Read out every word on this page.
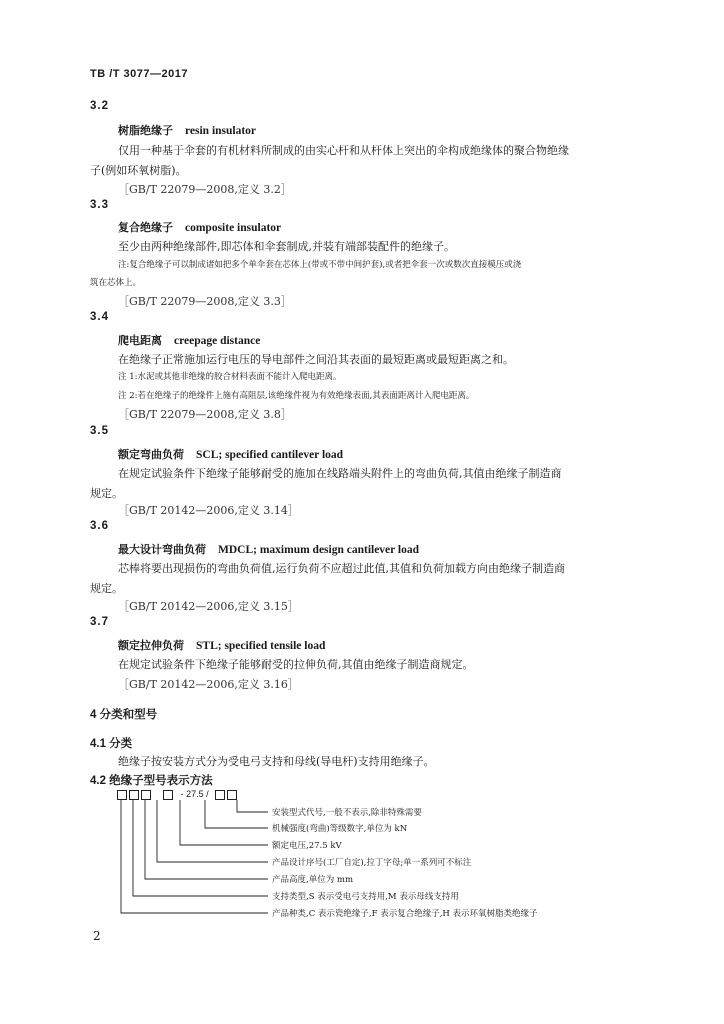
TB /T 3077—2017
3.2
树脂绝缘子 resin insulator
仅用一种基于伞套的有机材料所制成的由实心杆和从杆体上突出的伞构成绝缘体的聚合物绝缘
子(例如环氧树脂)。
［GB/T 22079—2008,定义 3.2］
3.3
复合绝缘子 composite insulator
至少由两种绝缘部件,即芯体和伞套制成,并装有端部装配件的绝缘子。
注:复合绝缘子可以制成诸如把多个单伞套在芯体上(带或不带中间护套),或者把伞套一次或数次直接模压或浇
筑在芯体上。
［GB/T 22079—2008,定义 3.3］
3.4
爬电距离 creepage distance
在绝缘子正常施加运行电压的导电部件之间沿其表面的最短距离或最短距离之和。
注 1:水泥或其他非绝缘的胶合材料表面不能计入爬电距离。
注 2:若在绝缘子的绝缘件上施有高阻层,该绝缘件视为有效绝缘表面,其表面距离计入爬电距离。
［GB/T 22079—2008,定义 3.8］
3.5
额定弯曲负荷 SCL; specified cantilever load
在规定试验条件下绝缘子能够耐受的施加在线路端头附件上的弯曲负荷,其值由绝缘子制造商
规定。
［GB/T 20142—2006,定义 3.14］
3.6
最大设计弯曲负荷 MDCL; maximum design cantilever load
芯棒将要出现损伤的弯曲负荷值,运行负荷不应超过此值,其值和负荷加载方向由绝缘子制造商
规定。
［GB/T 20142—2006,定义 3.15］
3.7
额定拉伸负荷 STL; specified tensile load
在规定试验条件下绝缘子能够耐受的拉伸负荷,其值由绝缘子制造商规定。
［GB/T 20142—2006,定义 3.16］
4 分类和型号
4.1 分类
绝缘子按安装方式分为受电弓支持和母线(导电杆)支持用绝缘子。
4.2 绝缘子型号表示方法
- 27.5 /
安装型式代号,一般不表示,除非特殊需要
机械强度(弯曲)等级数字,单位为 kN
额定电压,27.5 kV
产品设计序号(工厂自定),拉丁字母;单一系列可不标注
产品高度,单位为 mm
支持类型,S 表示受电弓支持用,M 表示母线支持用
产品种类,C 表示瓷绝缘子,F 表示复合绝缘子,H 表示环氧树脂类绝缘子
2
